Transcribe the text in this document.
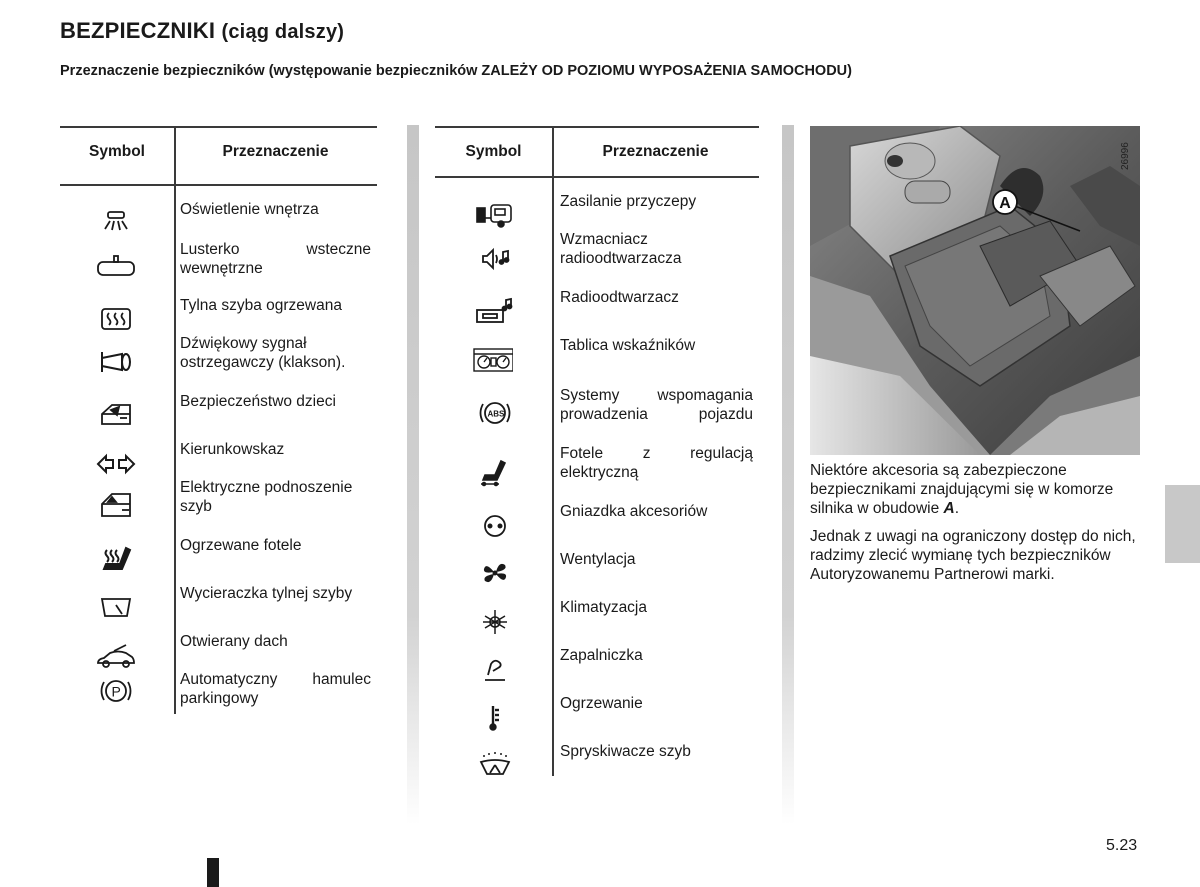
BEZPIECZNIKI (ciąg dalszy)
Przeznaczenie bezpieczników (występowanie bezpieczników ZALEŻY OD POZIOMU WYPOSAŻENIA SAMOCHODU)
Symbol	Przeznaczenie
Oświetlenie wnętrza
Lusterko wsteczne wewnętrzne
Tylna szyba ogrzewana
Dźwiękowy sygnał ostrzegawczy (klakson).
Bezpieczeństwo dzieci
Kierunkowskaz
Elektryczne podnoszenie szyb
Ogrzewane fotele
Wycieraczka tylnej szyby
Otwierany dach
P
Automatyczny hamulec parkingowy
Symbol	Przeznaczenie
Zasilanie przyczepy
Wzmacniacz radioodtwarzacza
Radioodtwarzacz
Tablica wskaźników
ABS
Systemy wspomagania prowadzenia pojazdu
Fotele z regulacją elektryczną
Gniazdka akcesoriów
Wentylacja
Klimatyzacja
Zapalniczka
Ogrzewanie
Spryskiwacze szyb
A
26996
Niektóre akcesoria są zabezpieczone bezpiecznikami znajdującymi się w komorze silnika w obudowie A.
Jednak z uwagi na ograniczony dostęp do nich, radzimy zlecić wymianę tych bezpieczników Autoryzowanemu Partnerowi marki.
5.23
